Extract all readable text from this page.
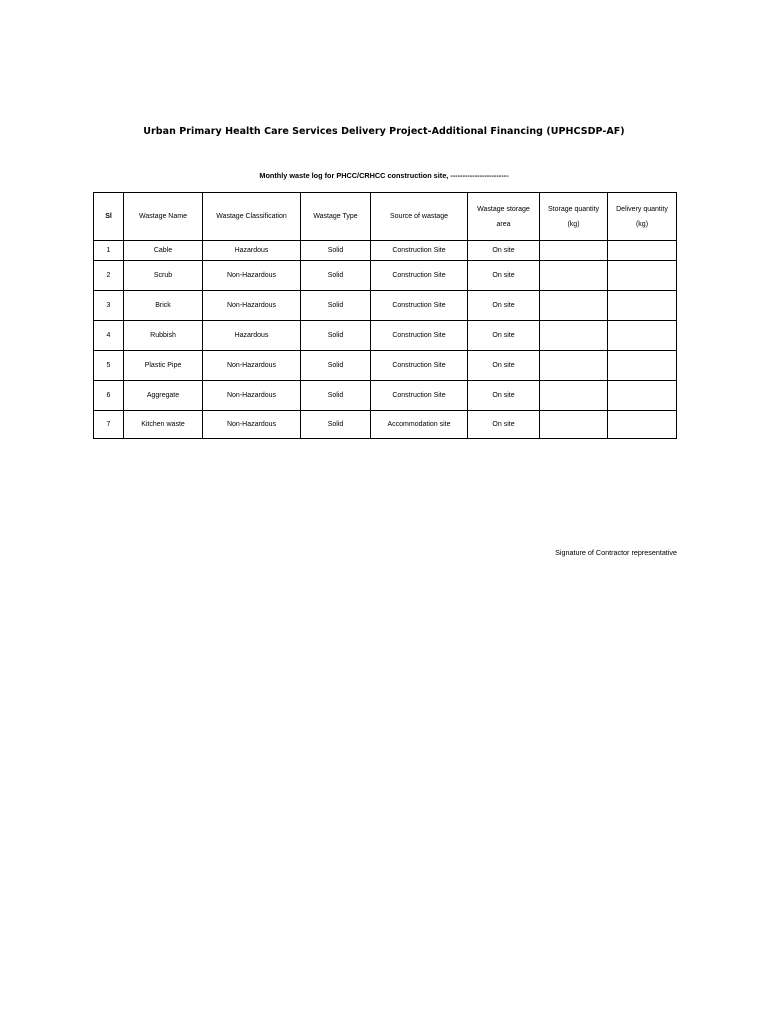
Urban Primary Health Care Services Delivery Project-Additional Financing (UPHCSDP-AF)
Monthly waste log for PHCC/CRHCC construction site, ------------------------
Sl	Wastage Name	Wastage Classification	Wastage Type	Source of wastage	Wastage storage area	Storage quantity (kg)	Delivery quantity (kg)
1	Cable	Hazardous	Solid	Construction Site	On site		
2	Scrub	Non-Hazardous	Solid	Construction Site	On site		
3	Brick	Non-Hazardous	Solid	Construction Site	On site		
4	Rubbish	Hazardous	Solid	Construction Site	On site		
5	Plastic Pipe	Non-Hazardous	Solid	Construction Site	On site		
6	Aggregate	Non-Hazardous	Solid	Construction Site	On site		
7	Kitchen waste	Non-Hazardous	Solid	Accommodation site	On site		
Signature of Contractor representative
